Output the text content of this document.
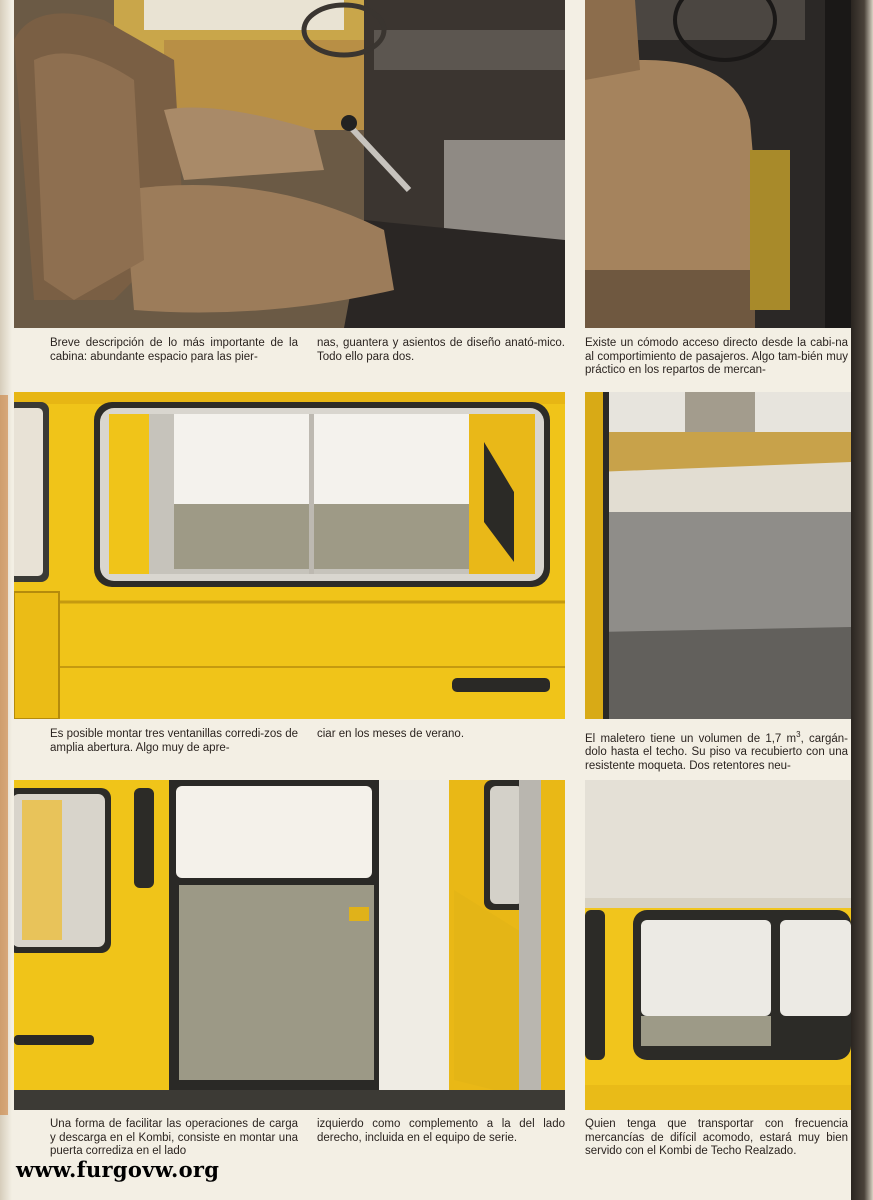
Breve descripción de lo más importante de la cabina: abundante espacio para las pier-

nas, guantera y asientos de diseño anató-mico. Todo ello para dos.

Existe un cómodo acceso directo desde la cabi-na al comportimiento de pasajeros. Algo tam-bién muy práctico en los repartos de mercan-

Es posible montar tres ventanillas corredi-zos de amplia abertura. Algo muy de apre-

ciar en los meses de verano.	El maletero tiene un volumen de 1,7 $m^3$, cargán-dolo hasta el techo. Su piso va recubierto con una resistente moqueta. Dos retentores neu-

Una forma de facilitar las operaciones de carga y descarga en el Kombi, consiste en montar una puerta corrediza en el lado

izquierdo como complemento a la del lado derecho, incluida en el equipo de serie.

Quien tenga que transportar con frecuencia mercancías de difícil acomodo, estará muy bien servido con el Kombi de Techo Realzado.

www.furgovw.org
